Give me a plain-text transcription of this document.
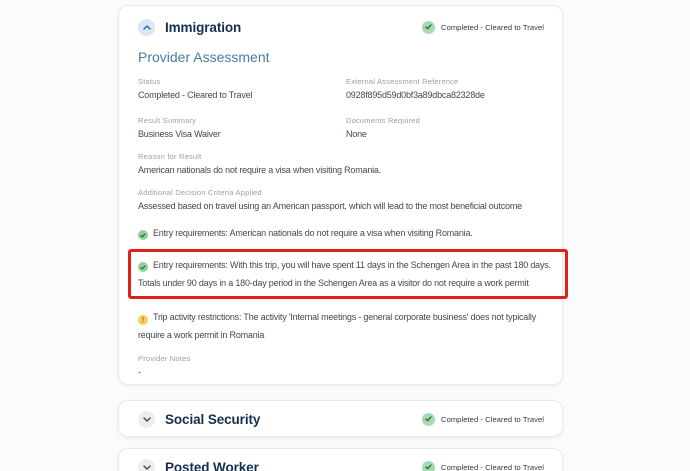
Immigration	Completed - Cleared to Travel
Provider Assessment
Status
Completed - Cleared to Travel
External Assessment Reference
0928f895d59d0bf3a89dbca82328de
Result Summary
Business Visa Waiver
Documents Required
None
Reason for Result
American nationals do not require a visa when visiting Romania.
Additional Decision Criteria Applied
Assessed based on travel using an American passport, which will lead to the most beneficial outcome

Entry requirements: American nationals do not require a visa when visiting Romania.

Entry requirements: With this trip, you will have spent 11 days in the Schengen Area in the past 180 days. Totals under 90 days in a 180-day period in the Schengen Area as a visitor do not require a work permit

! Trip activity restrictions: The activity 'Internal meetings - general corporate business' does not typically require a work permit in Romania

Provider Notes
-
Social Security	Completed - Cleared to Travel
Posted Worker	Completed - Cleared to Travel
